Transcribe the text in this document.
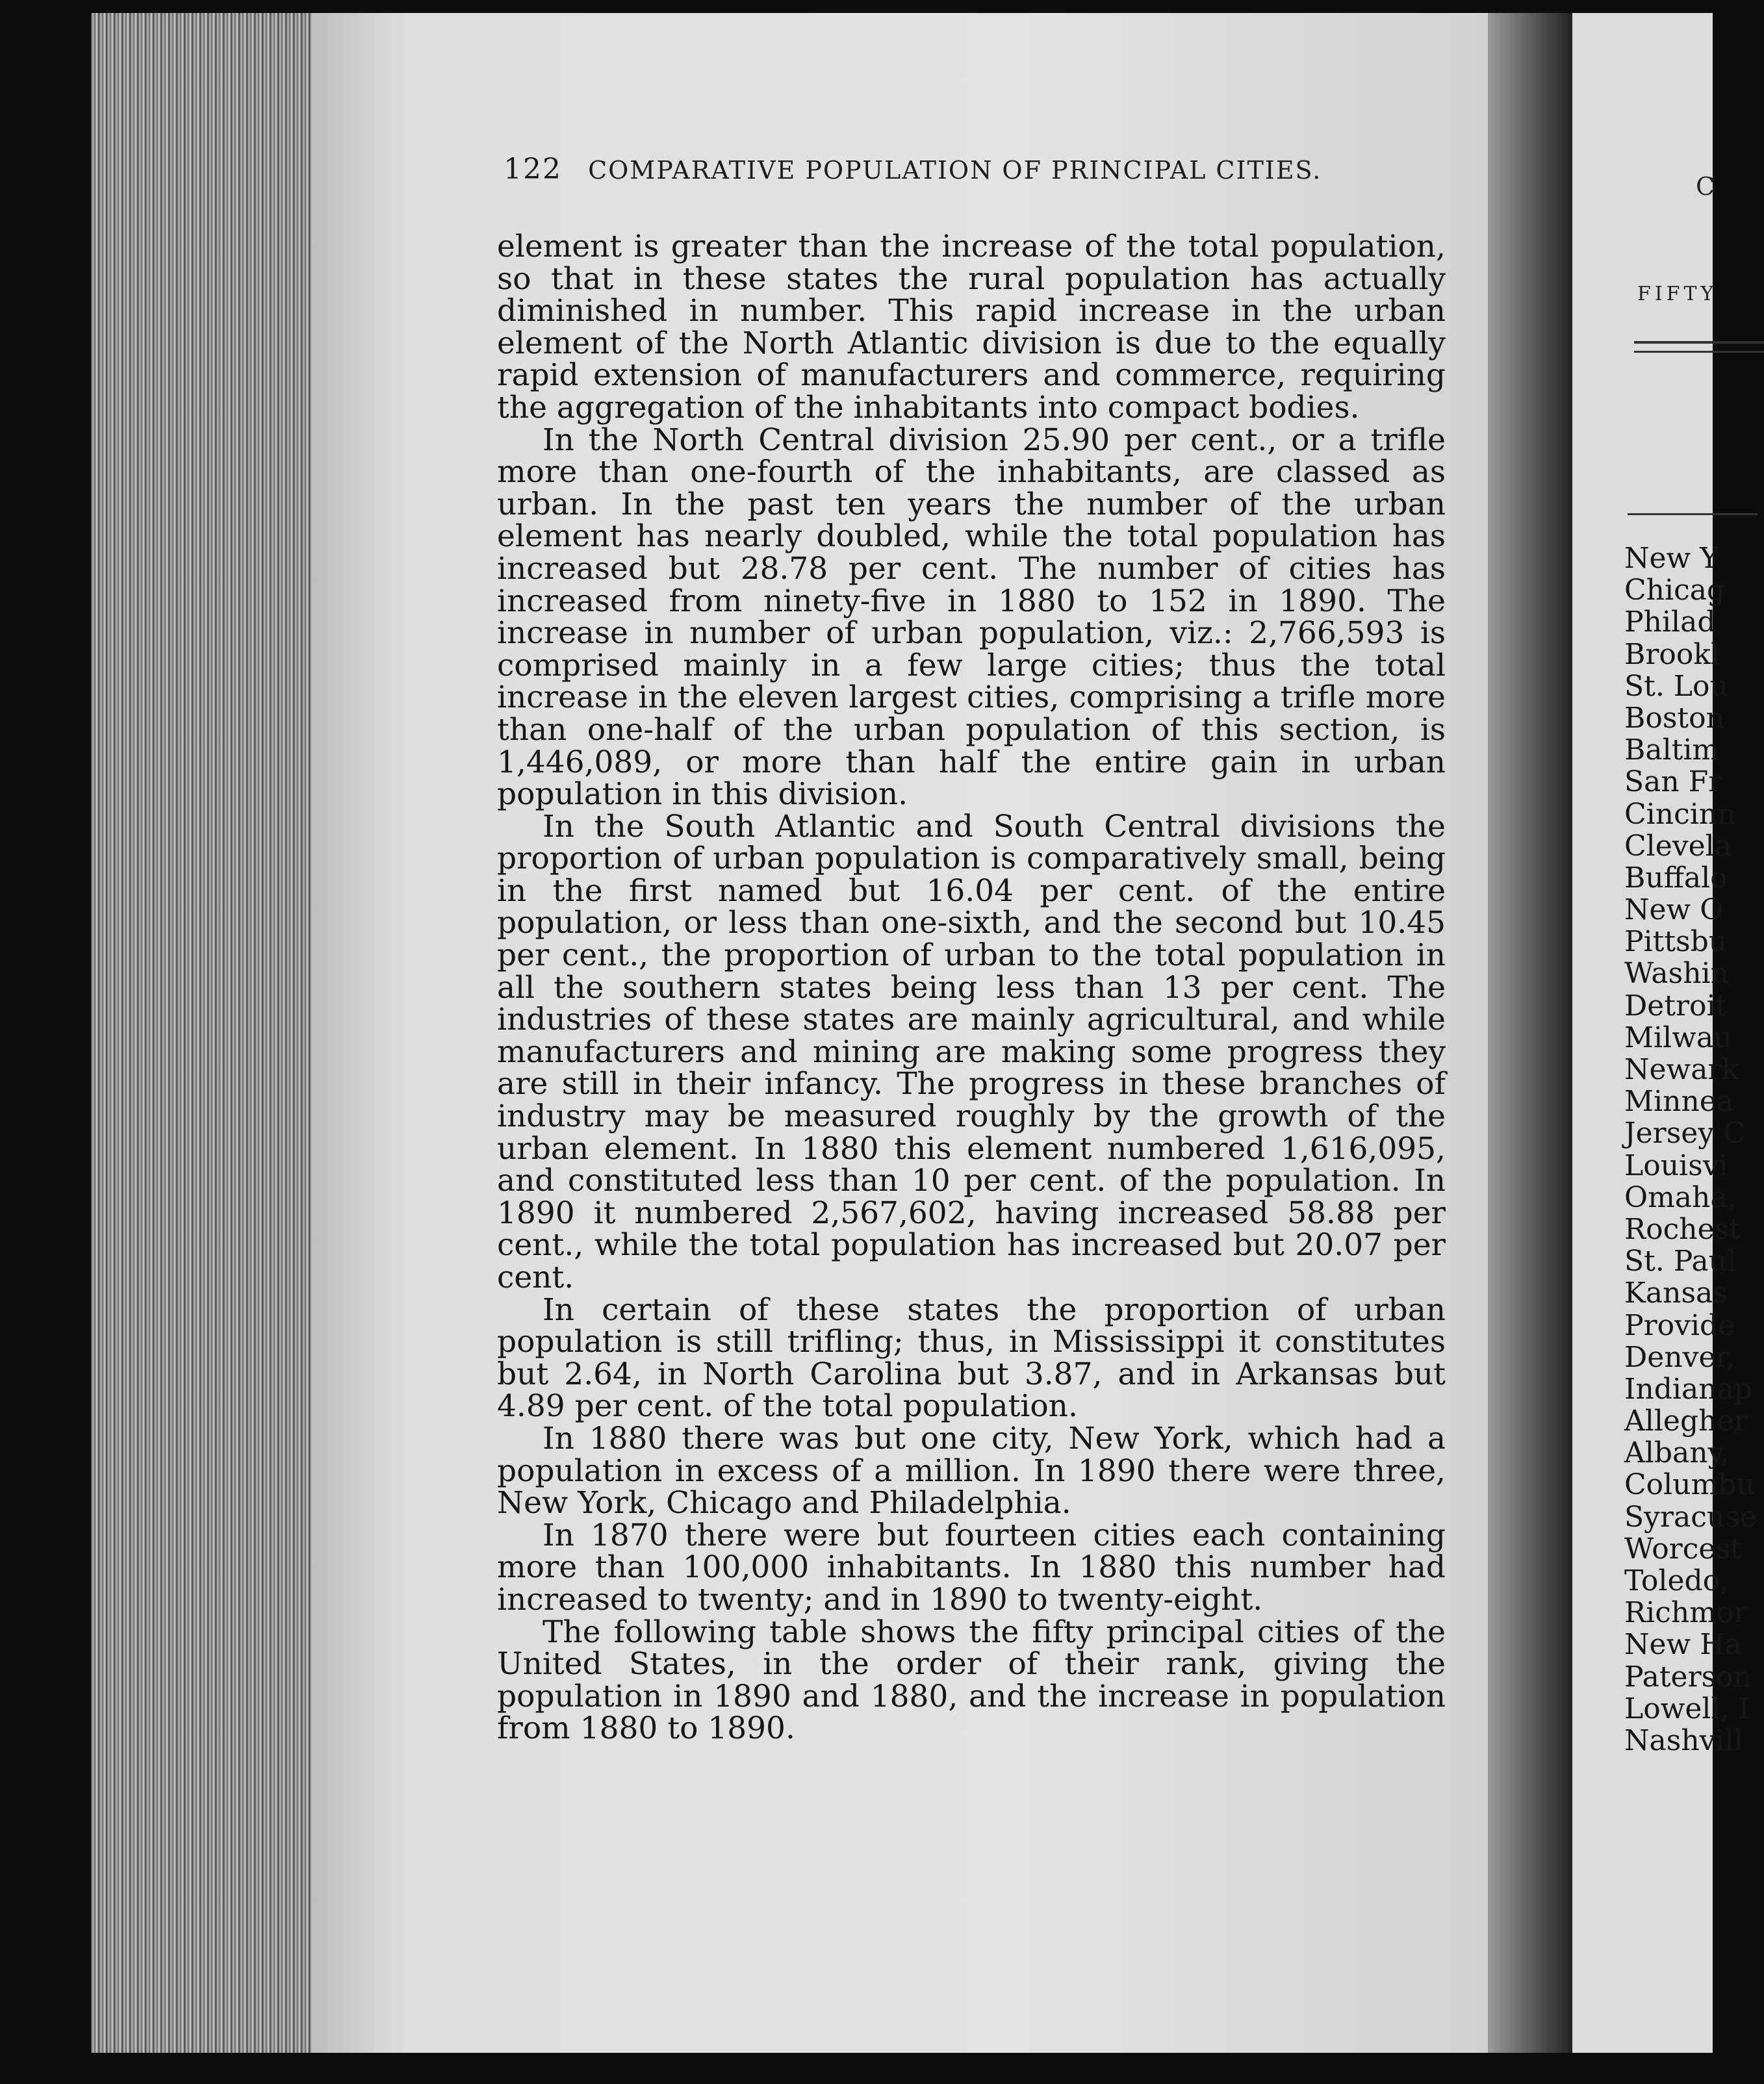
122 COMPARATIVE POPULATION OF PRINCIPAL CITIES.

element is greater than the increase of the total population, so that in these states the rural population has actually diminished in number. This rapid increase in the urban element of the North Atlantic division is due to the equally rapid extension of manufacturers and commerce, requiring the aggregation of the inhabitants into compact bodies.

In the North Central division 25.90 per cent., or a trifle more than one-fourth of the inhabitants, are classed as urban. In the past ten years the number of the urban element has nearly doubled, while the total population has increased but 28.78 per cent. The number of cities has increased from ninety-five in 1880 to 152 in 1890. The increase in number of urban population, viz.: 2,766,593 is comprised mainly in a few large cities; thus the total increase in the eleven largest cities, comprising a trifle more than one-half of the urban population of this section, is 1,446,089, or more than half the entire gain in urban population in this division.

In the South Atlantic and South Central divisions the proportion of urban population is comparatively small, being in the first named but 16.04 per cent. of the entire population, or less than one-sixth, and the second but 10.45 per cent., the proportion of urban to the total population in all the southern states being less than 13 per cent. The industries of these states are mainly agricultural, and while manufacturers and mining are making some progress they are still in their infancy. The progress in these branches of industry may be measured roughly by the growth of the urban element. In 1880 this element numbered 1,616,095, and constituted less than 10 per cent. of the population. In 1890 it numbered 2,567,602, having increased 58.88 per cent., while the total population has increased but 20.07 per cent.

In certain of these states the proportion of urban population is still trifling; thus, in Mississippi it constitutes but 2.64, in North Carolina but 3.87, and in Arkansas but 4.89 per cent. of the total population.

In 1880 there was but one city, New York, which had a population in excess of a million. In 1890 there were three, New York, Chicago and Philadelphia.

In 1870 there were but fourteen cities each containing more than 100,000 inhabitants. In 1880 this number had increased to twenty; and in 1890 to twenty-eight.

The following table shows the fifty principal cities of the United States, in the order of their rank, giving the population in 1890 and 1880, and the increase in population from 1880 to 1890.

C
FIFTY
New Y
Chicag
Philad
Brookl
St. Lou
Boston
Baltim
San Fr
Cincinn
Clevela
Buffalo
New O
Pittsbu
Washin
Detroit
Milwau
Newark
Minnea
Jersey C
Louisvi
Omaha,
Rochest
St. Paul
Kansas
Provide
Denver,
Indianap
Allegher
Albany,
Columbu
Syracuse
Worcest
Toledo,
Richmor
New Ha
Paterson
Lowell, I
Nashvill
